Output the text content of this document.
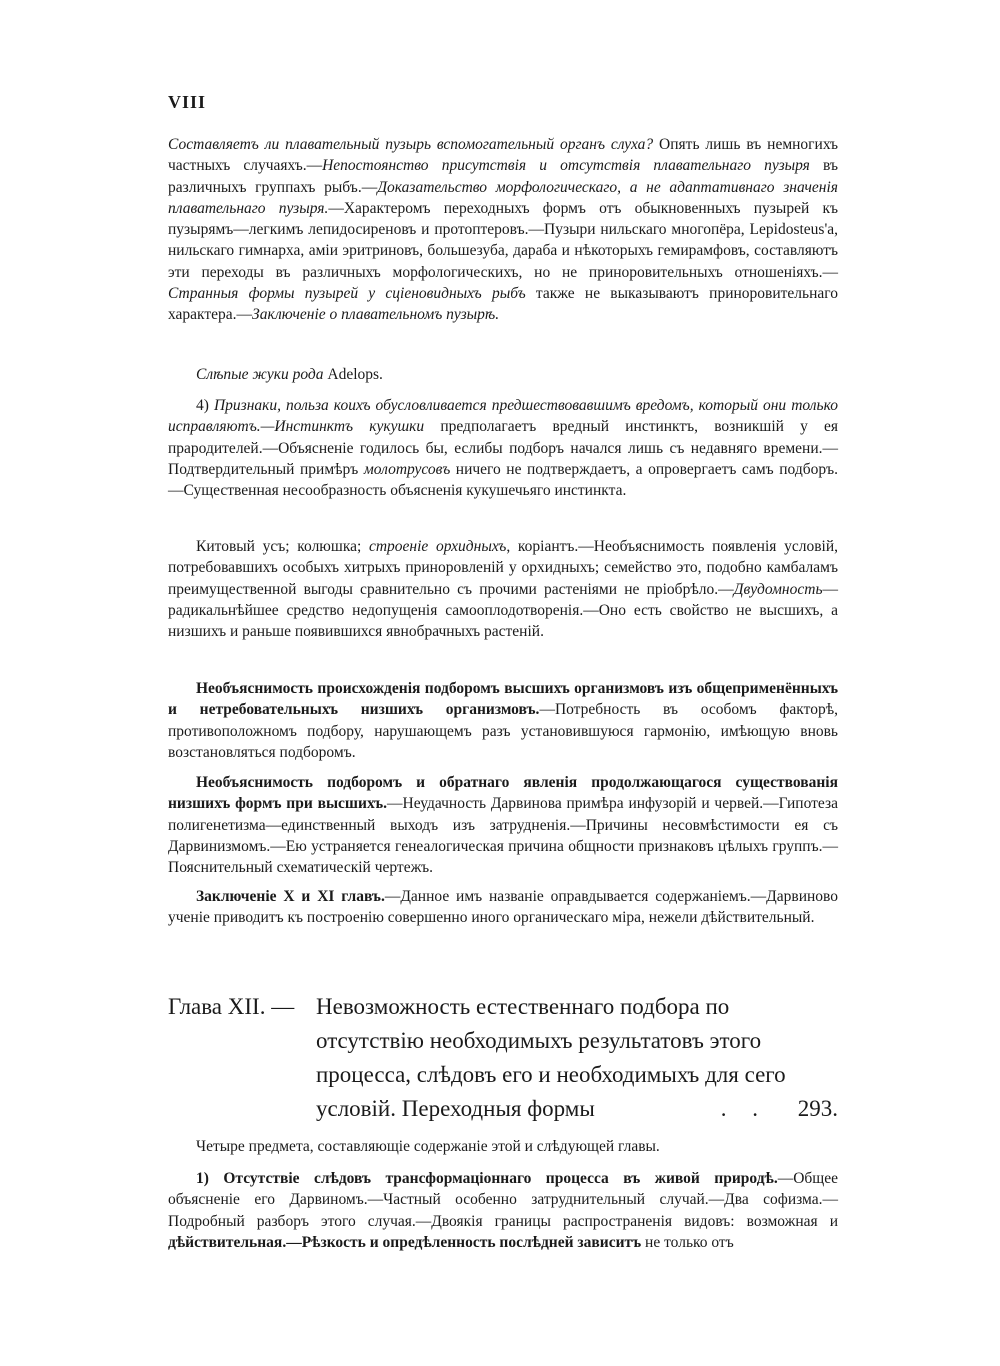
VIII

Составляетъ ли плавательный пузырь вспомогательный органъ слуха? Опять лишь въ немногихъ частныхъ случаяхъ.—Непостоянство присутствія и отсутствія плавательнаго пузыря въ различныхъ группахъ рыбъ.—Доказательство морфологическаго, а не адаптативнаго значенія плавательнаго пузыря.—Характеромъ переходныхъ формъ отъ обыкновенныхъ пузырей къ пузырямъ—легкимъ лепидосиреновъ и протоптеровъ.—Пузыри нильскаго многопёра, Lepidosteus'а, нильскаго гимнарха, аміи эритриновъ, большезуба, дараба и нѣкоторыхъ гемирамфовъ, составляютъ эти переходы въ различныхъ морфологическихъ, но не приноровительныхъ отношеніяхъ.—Странныя формы пузырей у сціеновидныхъ рыбъ также не выказываютъ приноровительнаго характера.—Заключеніе о плавательномъ пузырѣ.

Слѣпые жуки рода Adelops.

4) Признаки, польза коихъ обусловливается предшествовавшимъ вредомъ, который они только исправляютъ.—Инстинктъ кукушки предполагаетъ вредный инстинктъ, возникшій у ея прародителей.—Объясненіе годилось бы, еслибы подборъ начался лишь съ недавняго времени.—Подтвердительный примѣръ молотрусовъ ничего не подтверждаетъ, а опровергаетъ самъ подборъ.—Существенная несообразность объясненія кукушечьяго инстинкта.

Китовый усъ; колюшка; строеніе орхидныхъ, коріантъ.—Необъяснимость появленія условій, потребовавшихъ особыхъ хитрыхъ приноровленій у орхидныхъ; семейство это, подобно камбаламъ преимущественной выгоды сравнительно съ прочими растеніями не пріобрѣло.—Двудомность—радикальнѣйшее средство недопущенія самооплодотворенія.—Оно есть свойство не высшихъ, а низшихъ и раньше появившихся явнобрачныхъ растеній.

Необъяснимость происхожденія подборомъ высшихъ организмовъ изъ общеприменённыхъ и нетребовательныхъ низшихъ организмовъ.—Потребность въ особомъ факторѣ, противоположномъ подбору, нарушающемъ разъ установившуюся гармонію, имѣющую вновь возстановляться подборомъ.

Необъяснимость подборомъ и обратнаго явленія продолжающагося существованія низшихъ формъ при высшихъ.—Неудачность Дарвинова примѣра инфузорій и червей.—Гипотеза полигенетизма—единственный выходъ изъ затрудненія.—Причины несовмѣстимости ея съ Дарвинизмомъ.—Ею устраняется генеалогическая причина общности признаковъ цѣлыхъ группъ.—Пояснительный схематическій чертежъ.

Заключеніе X и XI главъ.—Данное имъ названіе оправдывается содержаніемъ.—Дарвиново ученіе приводитъ къ построенію совершенно иного органическаго міра, нежели дѣйствительный.

Глава XII. — Невозможность естественнаго подбора по отсутствію необходимыхъ результатовъ этого процесса, слѣдовъ его и необходимыхъ для сего условій. Переходныя формы	. . 293.

Четыре предмета, составляющіе содержаніе этой и слѣдующей главы.

1) Отсутствіе слѣдовъ трансформаціоннаго процесса въ живой природѣ.—Общее объясненіе его Дарвиномъ.—Частный особенно затруднительный случай.—Два софизма.—Подробный разборъ этого случая.—Двоякія границы распространенія видовъ: возможная и дѣйствительная.—Рѣзкость и опредѣленность послѣдней зависитъ не только отъ
